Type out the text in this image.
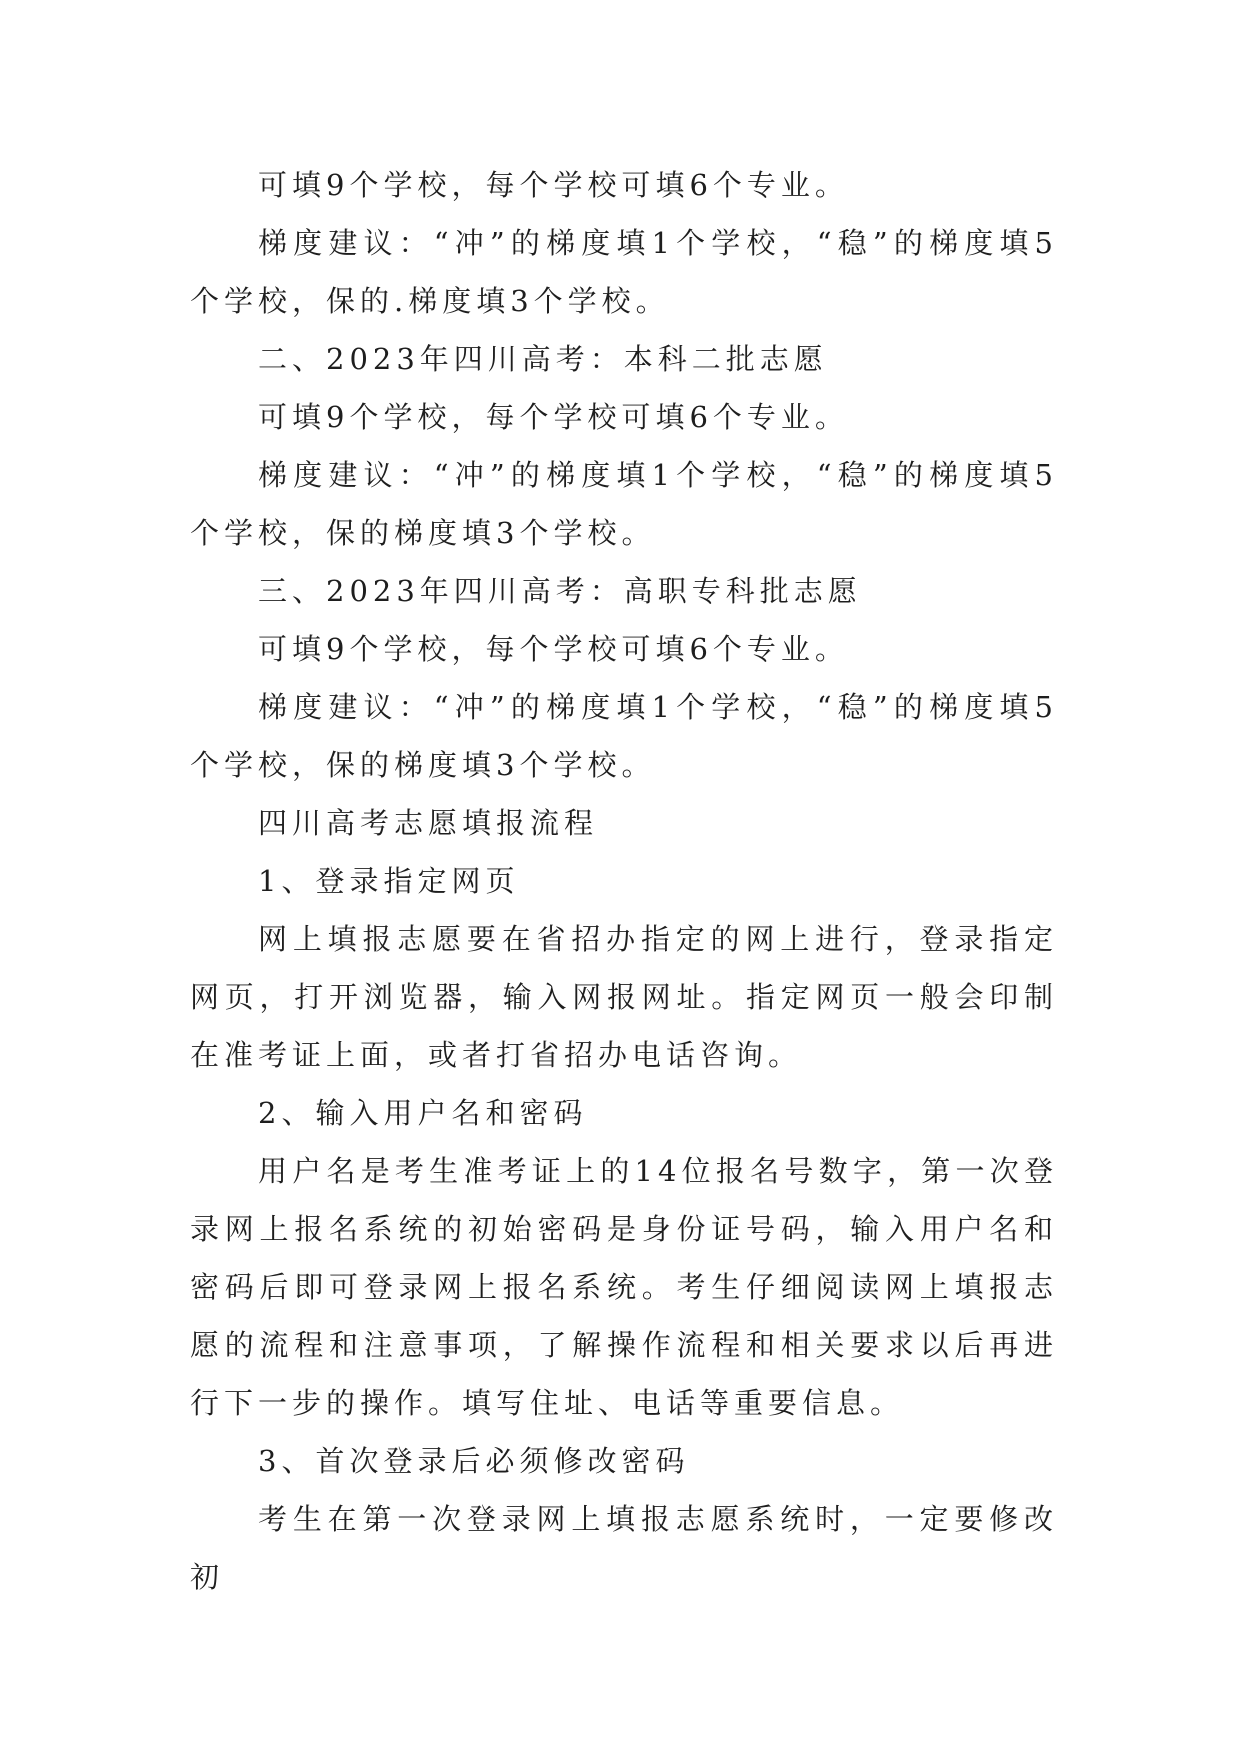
可填9个学校，每个学校可填6个专业。

梯度建议：“冲”的梯度填1个学校，“稳”的梯度填5个学校，保的.梯度填3个学校。

二、2023年四川高考：本科二批志愿

可填9个学校，每个学校可填6个专业。

梯度建议：“冲”的梯度填1个学校，“稳”的梯度填5个学校，保的梯度填3个学校。

三、2023年四川高考：高职专科批志愿

可填9个学校，每个学校可填6个专业。

梯度建议：“冲”的梯度填1个学校，“稳”的梯度填5个学校，保的梯度填3个学校。

四川高考志愿填报流程

1、登录指定网页

网上填报志愿要在省招办指定的网上进行，登录指定网页，打开浏览器，输入网报网址。指定网页一般会印制在准考证上面，或者打省招办电话咨询。

2、输入用户名和密码

用户名是考生准考证上的14位报名号数字，第一次登录网上报名系统的初始密码是身份证号码，输入用户名和密码后即可登录网上报名系统。考生仔细阅读网上填报志愿的流程和注意事项，了解操作流程和相关要求以后再进行下一步的操作。填写住址、电话等重要信息。

3、首次登录后必须修改密码

考生在第一次登录网上填报志愿系统时，一定要修改初
